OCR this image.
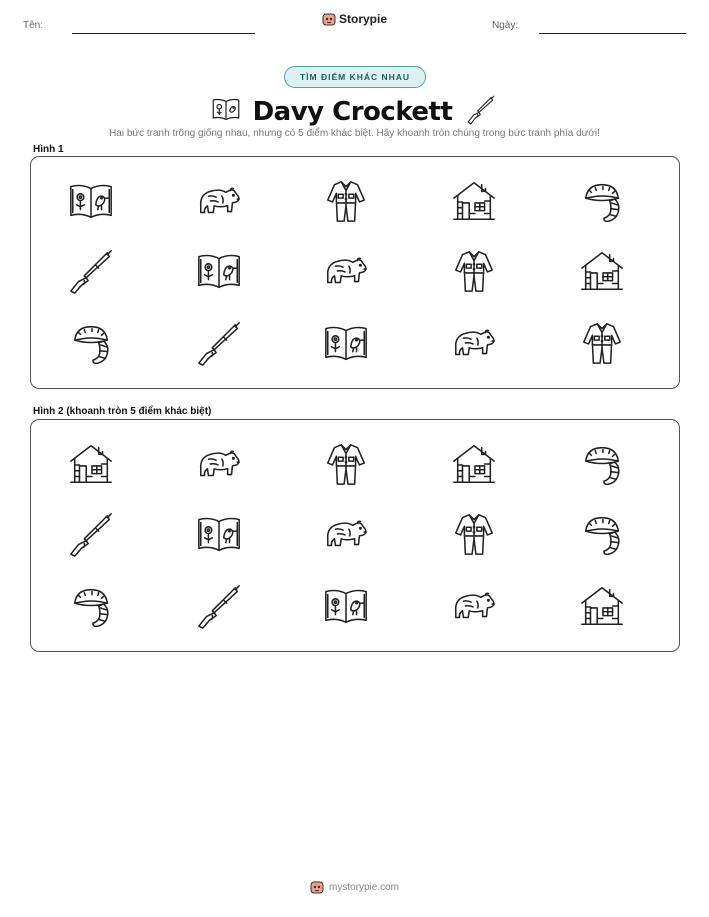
Tên:	Storypie	Ngày:
TÌM ĐIỂM KHÁC NHAU
Davy Crockett
Hai bức tranh trông giống nhau, nhưng có 5 điểm khác biệt. Hãy khoanh tròn chúng trong bức tranh phía dưới!
Hình 1
Hình 2 (khoanh tròn 5 điểm khác biệt)
mystorypie.com
